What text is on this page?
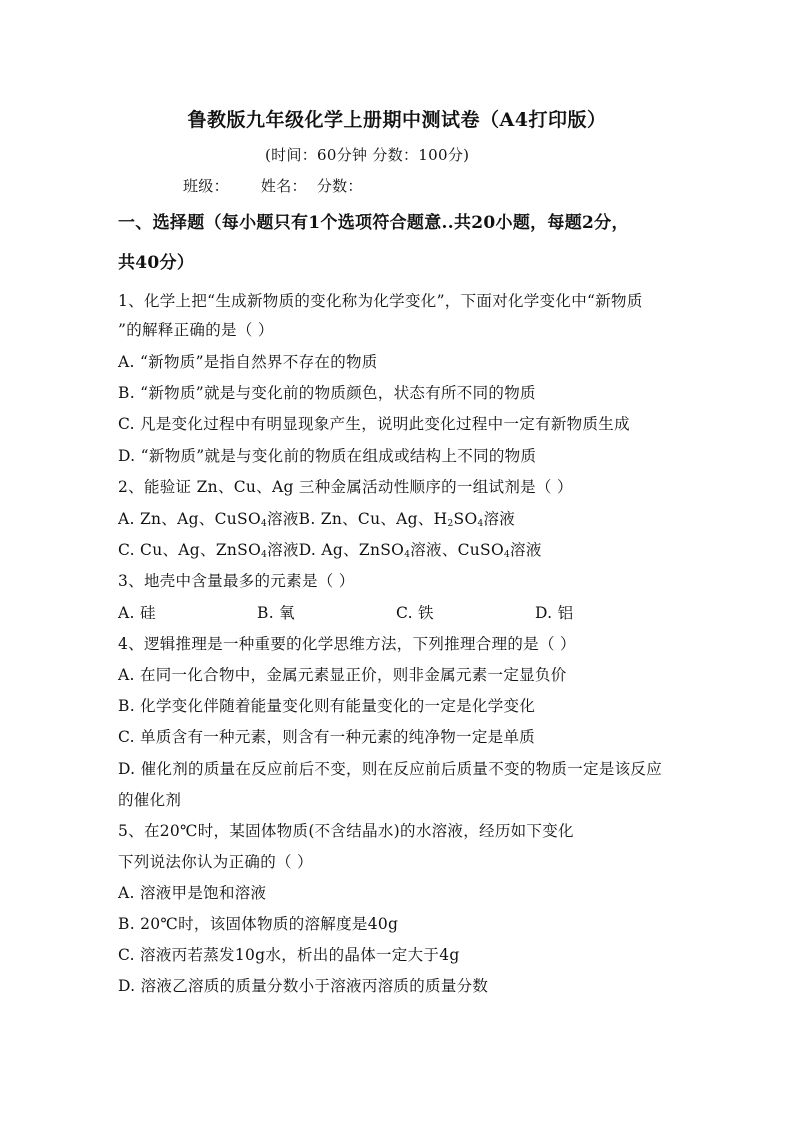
鲁教版九年级化学上册期中测试卷（A4打印版）
(时间：60分钟 分数：100分)
班级： 姓名： 分数：
一、选择题（每小题只有1个选项符合题意..共20小题，每题2分，
共40分）
1、化学上把“生成新物质的变化称为化学变化”，下面对化学变化中“新物质
”的解释正确的是（ ）
A. “新物质”是指自然界不存在的物质
B. “新物质”就是与变化前的物质颜色，状态有所不同的物质
C. 凡是变化过程中有明显现象产生，说明此变化过程中一定有新物质生成
D. “新物质”就是与变化前的物质在组成或结构上不同的物质
2、能验证 Zn、Cu、Ag 三种金属活动性顺序的一组试剂是（ ）
A. Zn、Ag、CuSO$_4$溶液B. Zn、Cu、Ag、$H_2SO_4$溶液
C. Cu、Ag、ZnSO$_4$溶液D. Ag、ZnSO$_4$溶液、CuSO$_4$溶液
3、地壳中含量最多的元素是（ ）
A. 硅	B. 氧	C. 铁	D. 铝
4、逻辑推理是一种重要的化学思维方法，下列推理合理的是（ ）
A. 在同一化合物中，金属元素显正价，则非金属元素一定显负价
B. 化学变化伴随着能量变化则有能量变化的一定是化学变化
C. 单质含有一种元素，则含有一种元素的纯净物一定是单质
D. 催化剂的质量在反应前后不变，则在反应前后质量不变的物质一定是该反应
的催化剂
5、在20℃时，某固体物质(不含结晶水)的水溶液，经历如下变化
下列说法你认为正确的（ ）
A. 溶液甲是饱和溶液
B. 20℃时，该固体物质的溶解度是40g
C. 溶液丙若蒸发10g水，析出的晶体一定大于4g
D. 溶液乙溶质的质量分数小于溶液丙溶质的质量分数
